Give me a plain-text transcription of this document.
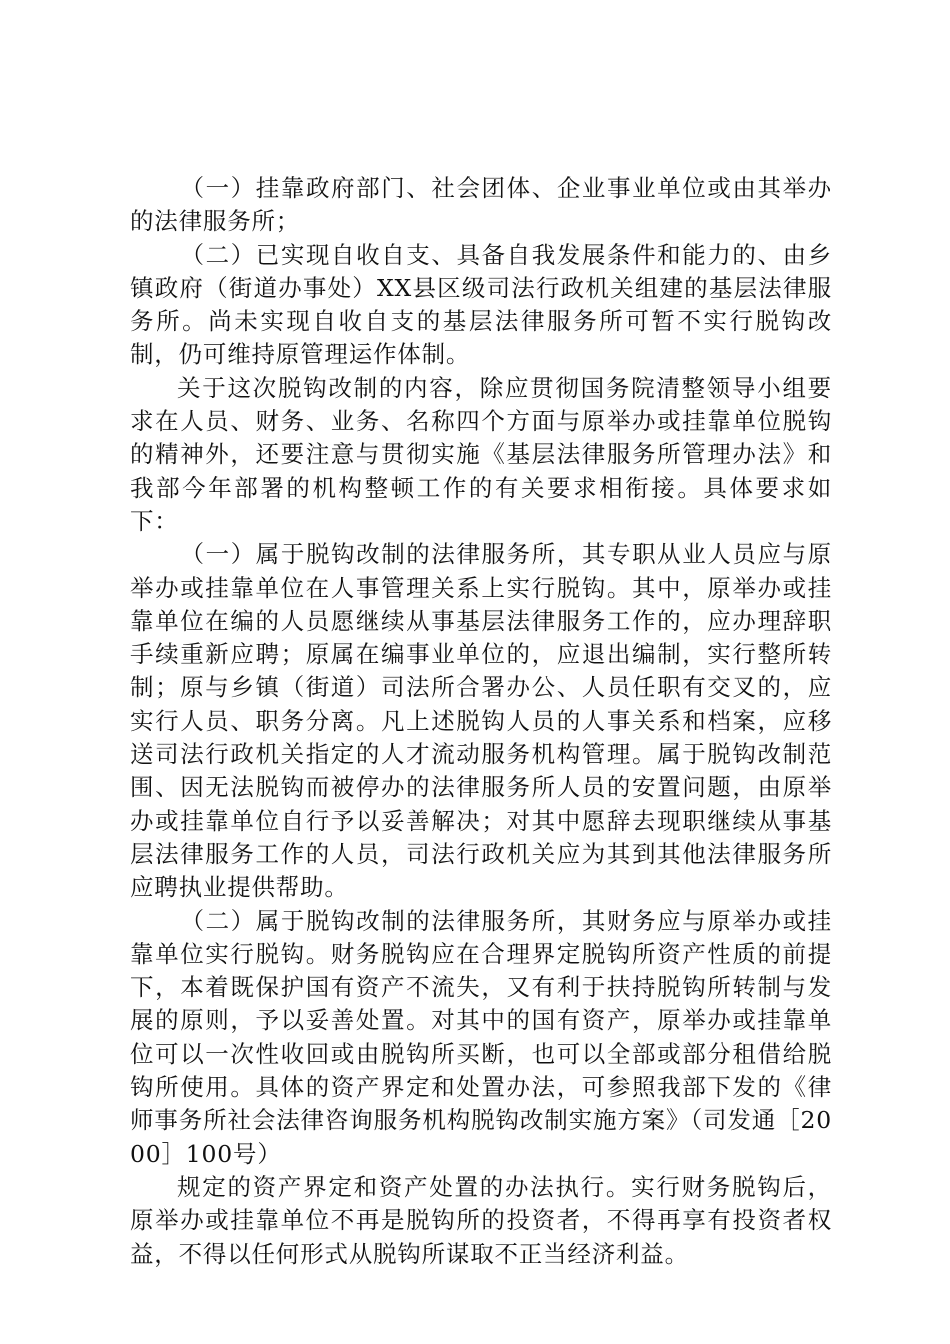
（一）挂靠政府部门、社会团体、企业事业单位或由其举办的法律服务所；

（二）已实现自收自支、具备自我发展条件和能力的、由乡镇政府（街道办事处）XX县区级司法行政机关组建的基层法律服务所。尚未实现自收自支的基层法律服务所可暂不实行脱钩改制，仍可维持原管理运作体制。

关于这次脱钩改制的内容，除应贯彻国务院清整领导小组要求在人员、财务、业务、名称四个方面与原举办或挂靠单位脱钩的精神外，还要注意与贯彻实施《基层法律服务所管理办法》和我部今年部署的机构整顿工作的有关要求相衔接。具体要求如下：

（一）属于脱钩改制的法律服务所，其专职从业人员应与原举办或挂靠单位在人事管理关系上实行脱钩。其中，原举办或挂靠单位在编的人员愿继续从事基层法律服务工作的，应办理辞职手续重新应聘；原属在编事业单位的，应退出编制，实行整所转制；原与乡镇（街道）司法所合署办公、人员任职有交叉的，应实行人员、职务分离。凡上述脱钩人员的人事关系和档案，应移送司法行政机关指定的人才流动服务机构管理。属于脱钩改制范围、因无法脱钩而被停办的法律服务所人员的安置问题，由原举办或挂靠单位自行予以妥善解决；对其中愿辞去现职继续从事基层法律服务工作的人员，司法行政机关应为其到其他法律服务所应聘执业提供帮助。

（二）属于脱钩改制的法律服务所，其财务应与原举办或挂靠单位实行脱钩。财务脱钩应在合理界定脱钩所资产性质的前提下，本着既保护国有资产不流失，又有利于扶持脱钩所转制与发展的原则，予以妥善处置。对其中的国有资产，原举办或挂靠单位可以一次性收回或由脱钩所买断，也可以全部或部分租借给脱钩所使用。具体的资产界定和处置办法，可参照我部下发的《律师事务所社会法律咨询服务机构脱钩改制实施方案》（司发通［2000］100号）

规定的资产界定和资产处置的办法执行。实行财务脱钩后，原举办或挂靠单位不再是脱钩所的投资者，不得再享有投资者权益，不得以任何形式从脱钩所谋取不正当经济利益。
